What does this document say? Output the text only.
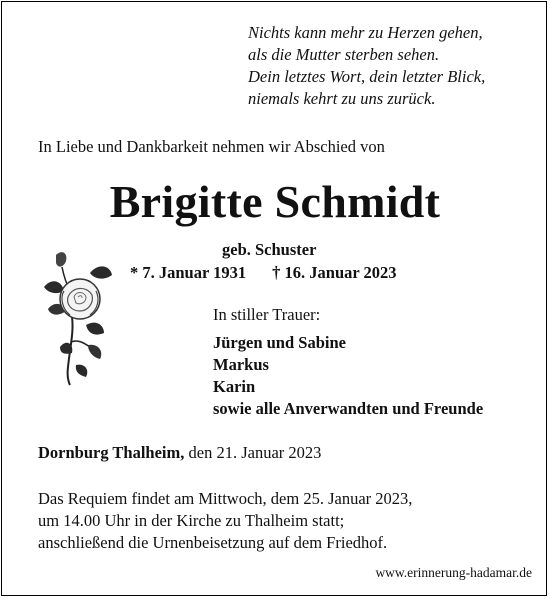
Nichts kann mehr zu Herzen gehen,
als die Mutter sterben sehen.
Dein letztes Wort, dein letzter Blick,
niemals kehrt zu uns zurück.
In Liebe und Dankbarkeit nehmen wir Abschied von
Brigitte Schmidt
geb. Schuster
* 7. Januar 1931 † 16. Januar 2023
In stiller Trauer:
Jürgen und Sabine
Markus
Karin
sowie alle Anverwandten und Freunde
Dornburg Thalheim, den 21. Januar 2023
Das Requiem findet am Mittwoch, dem 25. Januar 2023,
um 14.00 Uhr in der Kirche zu Thalheim statt;
anschließend die Urnenbeisetzung auf dem Friedhof.
www.erinnerung-hadamar.de
